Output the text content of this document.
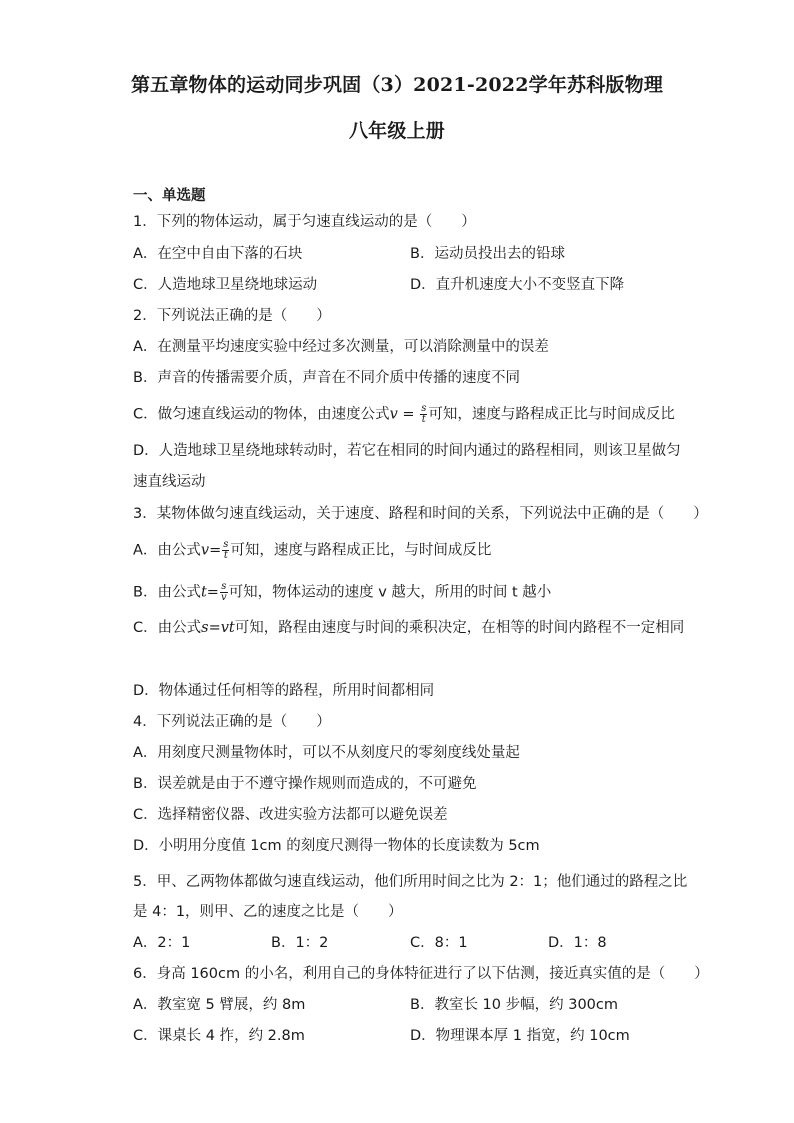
第五章物体的运动同步巩固（3）2021-2022学年苏科版物理
八年级上册
一、单选题
1．下列的物体运动，属于匀速直线运动的是（　　）
A．在空中自由下落的石块	B．运动员投出去的铅球
C．人造地球卫星绕地球运动	D．直升机速度大小不变竖直下降
2．下列说法正确的是（　　）
A．在测量平均速度实验中经过多次测量，可以消除测量中的误差
B．声音的传播需要介质，声音在不同介质中传播的速度不同
C．做匀速直线运动的物体，由速度公式$v = \frac{s}{t}$ 可知，速度与路程成正比与时间成反比
D．人造地球卫星绕地球转动时，若它在相同的时间内通过的路程相同，则该卫星做匀
速直线运动
3．某物体做匀速直线运动，关于速度、路程和时间的关系，下列说法中正确的是（　　）
A．由公式$v= \frac{s}{t}$ 可知，速度与路程成正比，与时间成反比
B．由公式$t= \frac{s}{v}$ 可知，物体运动的速度 v 越大，所用的时间 t 越小
C．由公式s=vt可知，路程由速度与时间的乘积决定，在相等的时间内路程不一定相同
D．物体通过任何相等的路程，所用时间都相同
4．下列说法正确的是（　　）
A．用刻度尺测量物体时，可以不从刻度尺的零刻度线处量起
B．误差就是由于不遵守操作规则而造成的，不可避免
C．选择精密仪器、改进实验方法都可以避免误差
D．小明用分度值 1cm 的刻度尺测得一物体的长度读数为 5cm
5．甲、乙两物体都做匀速直线运动，他们所用时间之比为 2：1；他们通过的路程之比
是 4：1，则甲、乙的速度之比是（　　）
A．2：1	B．1：2	C．8：1	D．1：8
6．身高 160cm 的小名，利用自己的身体特征进行了以下估测，接近真实值的是（　　）
A．教室宽 5 臂展，约 8m	B．教室长 10 步幅，约 300cm
C．课桌长 4 拃，约 2.8m	D．物理课本厚 1 指宽，约 10cm
